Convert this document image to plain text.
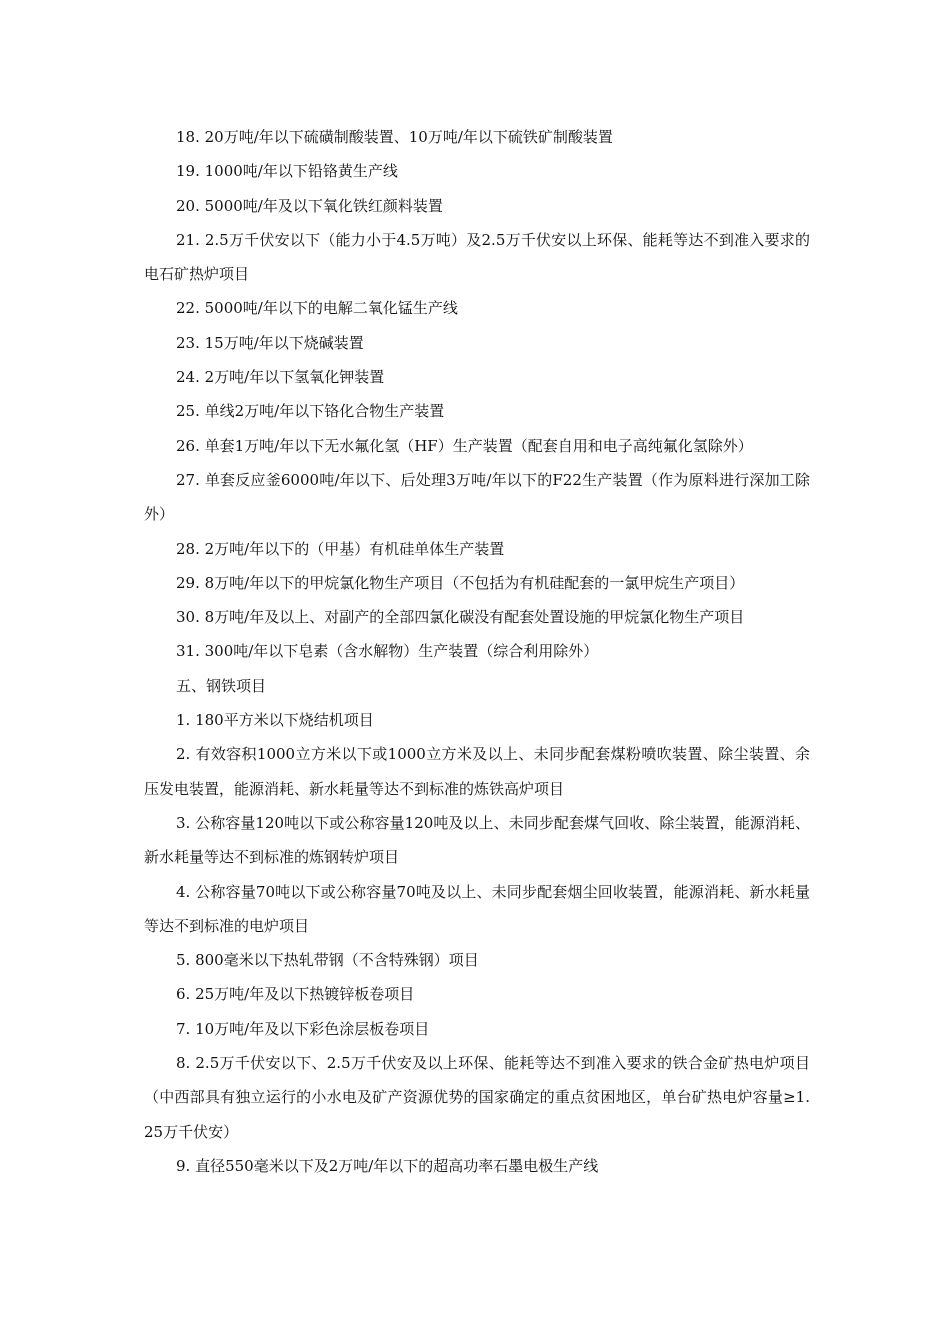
18. 20万吨/年以下硫磺制酸装置、10万吨/年以下硫铁矿制酸装置

19. 1000吨/年以下铅铬黄生产线

20. 5000吨/年及以下氧化铁红颜料装置

21. 2.5万千伏安以下（能力小于4.5万吨）及2.5万千伏安以上环保、能耗等达不到准入要求的电石矿热炉项目

22. 5000吨/年以下的电解二氧化锰生产线

23. 15万吨/年以下烧碱装置

24. 2万吨/年以下氢氧化钾装置

25. 单线2万吨/年以下铬化合物生产装置

26. 单套1万吨/年以下无水氟化氢（HF）生产装置（配套自用和电子高纯氟化氢除外）

27. 单套反应釜6000吨/年以下、后处理3万吨/年以下的F22生产装置（作为原料进行深加工除外）

28. 2万吨/年以下的（甲基）有机硅单体生产装置

29. 8万吨/年以下的甲烷氯化物生产项目（不包括为有机硅配套的一氯甲烷生产项目）

30. 8万吨/年及以上、对副产的全部四氯化碳没有配套处置设施的甲烷氯化物生产项目

31. 300吨/年以下皂素（含水解物）生产装置（综合利用除外）

五、钢铁项目

1. 180平方米以下烧结机项目

2. 有效容积1000立方米以下或1000立方米及以上、未同步配套煤粉喷吹装置、除尘装置、余压发电装置，能源消耗、新水耗量等达不到标准的炼铁高炉项目

3. 公称容量120吨以下或公称容量120吨及以上、未同步配套煤气回收、除尘装置，能源消耗、新水耗量等达不到标准的炼钢转炉项目

4. 公称容量70吨以下或公称容量70吨及以上、未同步配套烟尘回收装置，能源消耗、新水耗量等达不到标准的电炉项目

5. 800毫米以下热轧带钢（不含特殊钢）项目

6. 25万吨/年及以下热镀锌板卷项目

7. 10万吨/年及以下彩色涂层板卷项目

8. 2.5万千伏安以下、2.5万千伏安及以上环保、能耗等达不到准入要求的铁合金矿热电炉项目（中西部具有独立运行的小水电及矿产资源优势的国家确定的重点贫困地区，单台矿热电炉容量≥1.25万千伏安）

9. 直径550毫米以下及2万吨/年以下的超高功率石墨电极生产线
